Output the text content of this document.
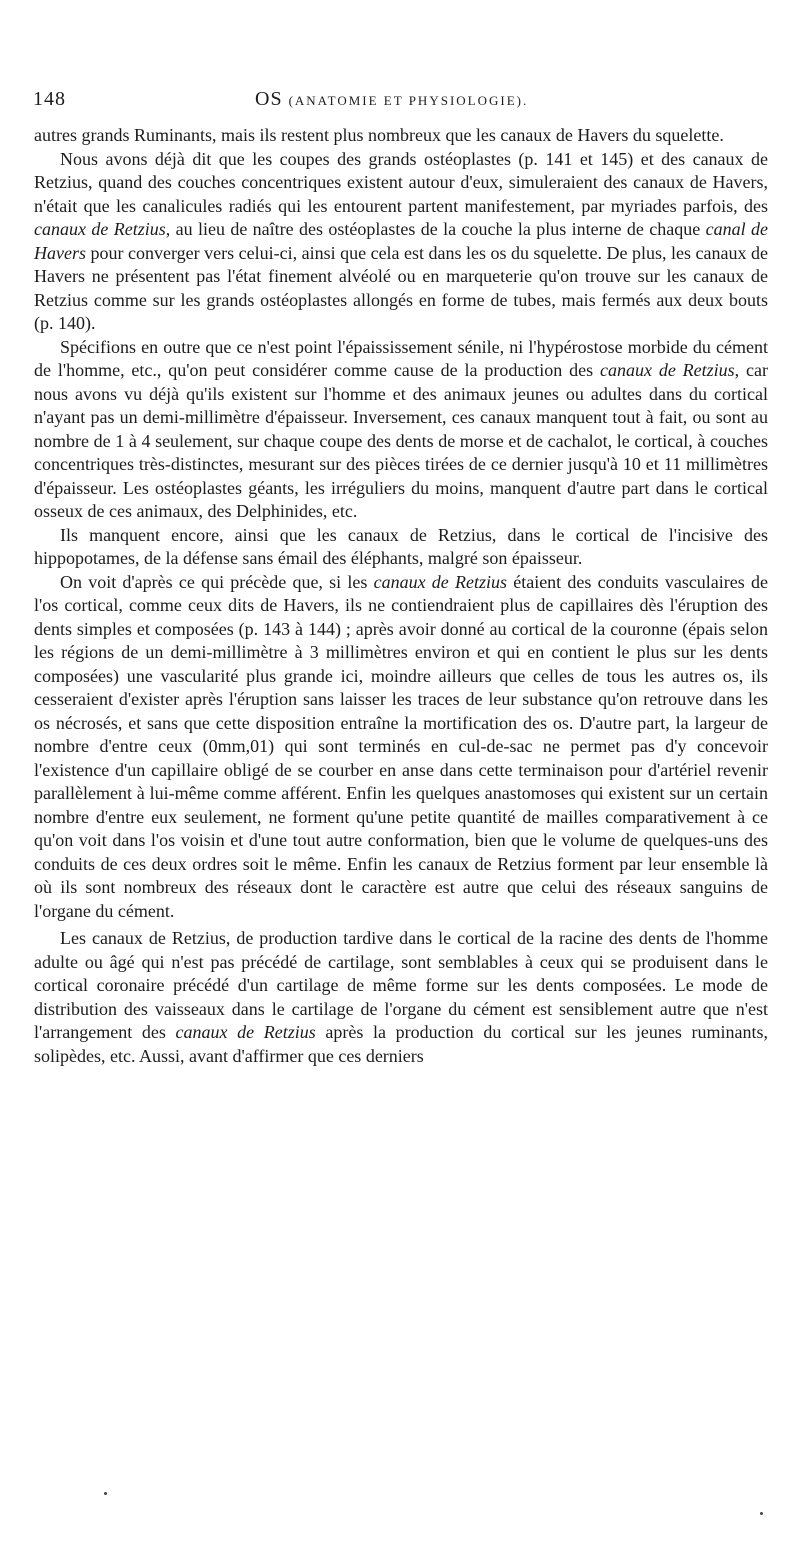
148	OS (ANATOMIE ET PHYSIOLOGIE).

autres grands Ruminants, mais ils restent plus nombreux que les canaux de Havers du squelette.

Nous avons déjà dit que les coupes des grands ostéoplastes (p. 141 et 145) et des canaux de Retzius, quand des couches concentriques existent autour d'eux, simuleraient des canaux de Havers, n'était que les canalicules radiés qui les entourent partent manifestement, par myriades parfois, des canaux de Retzius, au lieu de naître des ostéoplastes de la couche la plus interne de chaque canal de Havers pour converger vers celui-ci, ainsi que cela est dans les os du squelette. De plus, les canaux de Havers ne présentent pas l'état finement alvéolé ou en marqueterie qu'on trouve sur les canaux de Retzius comme sur les grands ostéoplastes allongés en forme de tubes, mais fermés aux deux bouts (p. 140).

Spécifions en outre que ce n'est point l'épaississement sénile, ni l'hypérostose morbide du cément de l'homme, etc., qu'on peut considérer comme cause de la production des canaux de Retzius, car nous avons vu déjà qu'ils existent sur l'homme et des animaux jeunes ou adultes dans du cortical n'ayant pas un demi-millimètre d'épaisseur. Inversement, ces canaux manquent tout à fait, ou sont au nombre de 1 à 4 seulement, sur chaque coupe des dents de morse et de cachalot, le cortical, à couches concentriques très-distinctes, mesurant sur des pièces tirées de ce dernier jusqu'à 10 et 11 millimètres d'épaisseur. Les ostéoplastes géants, les irréguliers du moins, manquent d'autre part dans le cortical osseux de ces animaux, des Delphinides, etc.

Ils manquent encore, ainsi que les canaux de Retzius, dans le cortical de l'incisive des hippopotames, de la défense sans émail des éléphants, malgré son épaisseur.

On voit d'après ce qui précède que, si les canaux de Retzius étaient des conduits vasculaires de l'os cortical, comme ceux dits de Havers, ils ne contiendraient plus de capillaires dès l'éruption des dents simples et composées (p. 143 à 144) ; après avoir donné au cortical de la couronne (épais selon les régions de un demi-millimètre à 3 millimètres environ et qui en contient le plus sur les dents composées) une vascularité plus grande ici, moindre ailleurs que celles de tous les autres os, ils cesseraient d'exister après l'éruption sans laisser les traces de leur substance qu'on retrouve dans les os nécrosés, et sans que cette disposition entraîne la mortification des os. D'autre part, la largeur de nombre d'entre ceux (0mm,01) qui sont terminés en cul-de-sac ne permet pas d'y concevoir l'existence d'un capillaire obligé de se courber en anse dans cette terminaison pour d'artériel revenir parallèlement à lui-même comme afférent. Enfin les quelques anastomoses qui existent sur un certain nombre d'entre eux seulement, ne forment qu'une petite quantité de mailles comparativement à ce qu'on voit dans l'os voisin et d'une tout autre conformation, bien que le volume de quelques-uns des conduits de ces deux ordres soit le même. Enfin les canaux de Retzius forment par leur ensemble là où ils sont nombreux des réseaux dont le caractère est autre que celui des réseaux sanguins de l'organe du cément.

Les canaux de Retzius, de production tardive dans le cortical de la racine des dents de l'homme adulte ou âgé qui n'est pas précédé de cartilage, sont semblables à ceux qui se produisent dans le cortical coronaire précédé d'un cartilage de même forme sur les dents composées. Le mode de distribution des vaisseaux dans le cartilage de l'organe du cément est sensiblement autre que n'est l'arrangement des canaux de Retzius après la production du cortical sur les jeunes ruminants, solipèdes, etc. Aussi, avant d'affirmer que ces derniers
